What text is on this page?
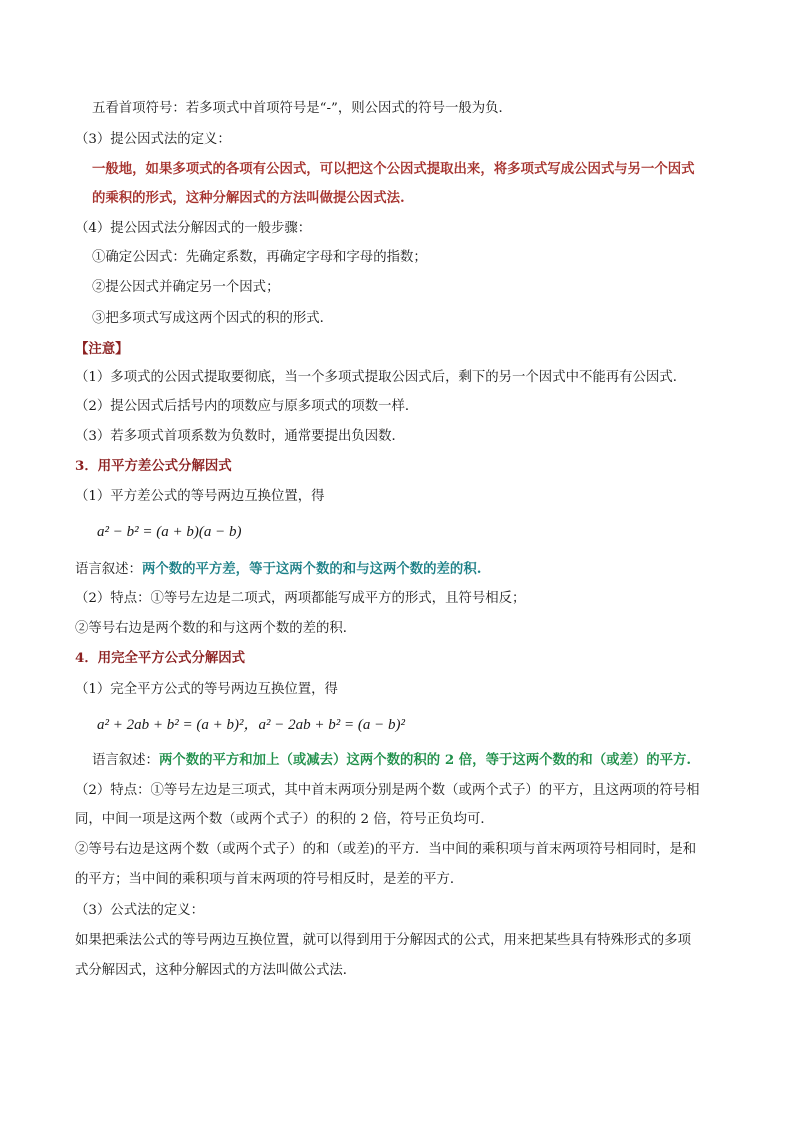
五看首项符号：若多项式中首项符号是“-”，则公因式的符号一般为负．
（3）提公因式法的定义：
一般地，如果多项式的各项有公因式，可以把这个公因式提取出来，将多项式写成公因式与另一个因式
的乘积的形式，这种分解因式的方法叫做提公因式法.
（4）提公因式法分解因式的一般步骤：
①确定公因式：先确定系数，再确定字母和字母的指数；
②提公因式并确定另一个因式；
③把多项式写成这两个因式的积的形式．
【注意】
（1）多项式的公因式提取要彻底，当一个多项式提取公因式后，剩下的另一个因式中不能再有公因式．
（2）提公因式后括号内的项数应与原多项式的项数一样．
（3）若多项式首项系数为负数时，通常要提出负因数．
3．用平方差公式分解因式
（1）平方差公式的等号两边互换位置，得
a² − b² = (a + b)(a − b)
语言叙述：两个数的平方差，等于这两个数的和与这两个数的差的积.
（2）特点：①等号左边是二项式，两项都能写成平方的形式，且符号相反；
②等号右边是两个数的和与这两个数的差的积．
4．用完全平方公式分解因式
（1）完全平方公式的等号两边互换位置，得
a² + 2ab + b² = (a + b)²，a² − 2ab + b² = (a − b)²
语言叙述：两个数的平方和加上（或减去）这两个数的积的 2 倍，等于这两个数的和（或差）的平方.
（2）特点：①等号左边是三项式，其中首末两项分别是两个数（或两个式子）的平方，且这两项的符号相
同，中间一项是这两个数（或两个式子）的积的 2 倍，符号正负均可．
②等号右边是这两个数（或两个式子）的和（或差)的平方．当中间的乘积项与首末两项符号相同时，是和
的平方；当中间的乘积项与首末两项的符号相反时，是差的平方．
（3）公式法的定义：
如果把乘法公式的等号两边互换位置，就可以得到用于分解因式的公式，用来把某些具有特殊形式的多项
式分解因式，这种分解因式的方法叫做公式法．
